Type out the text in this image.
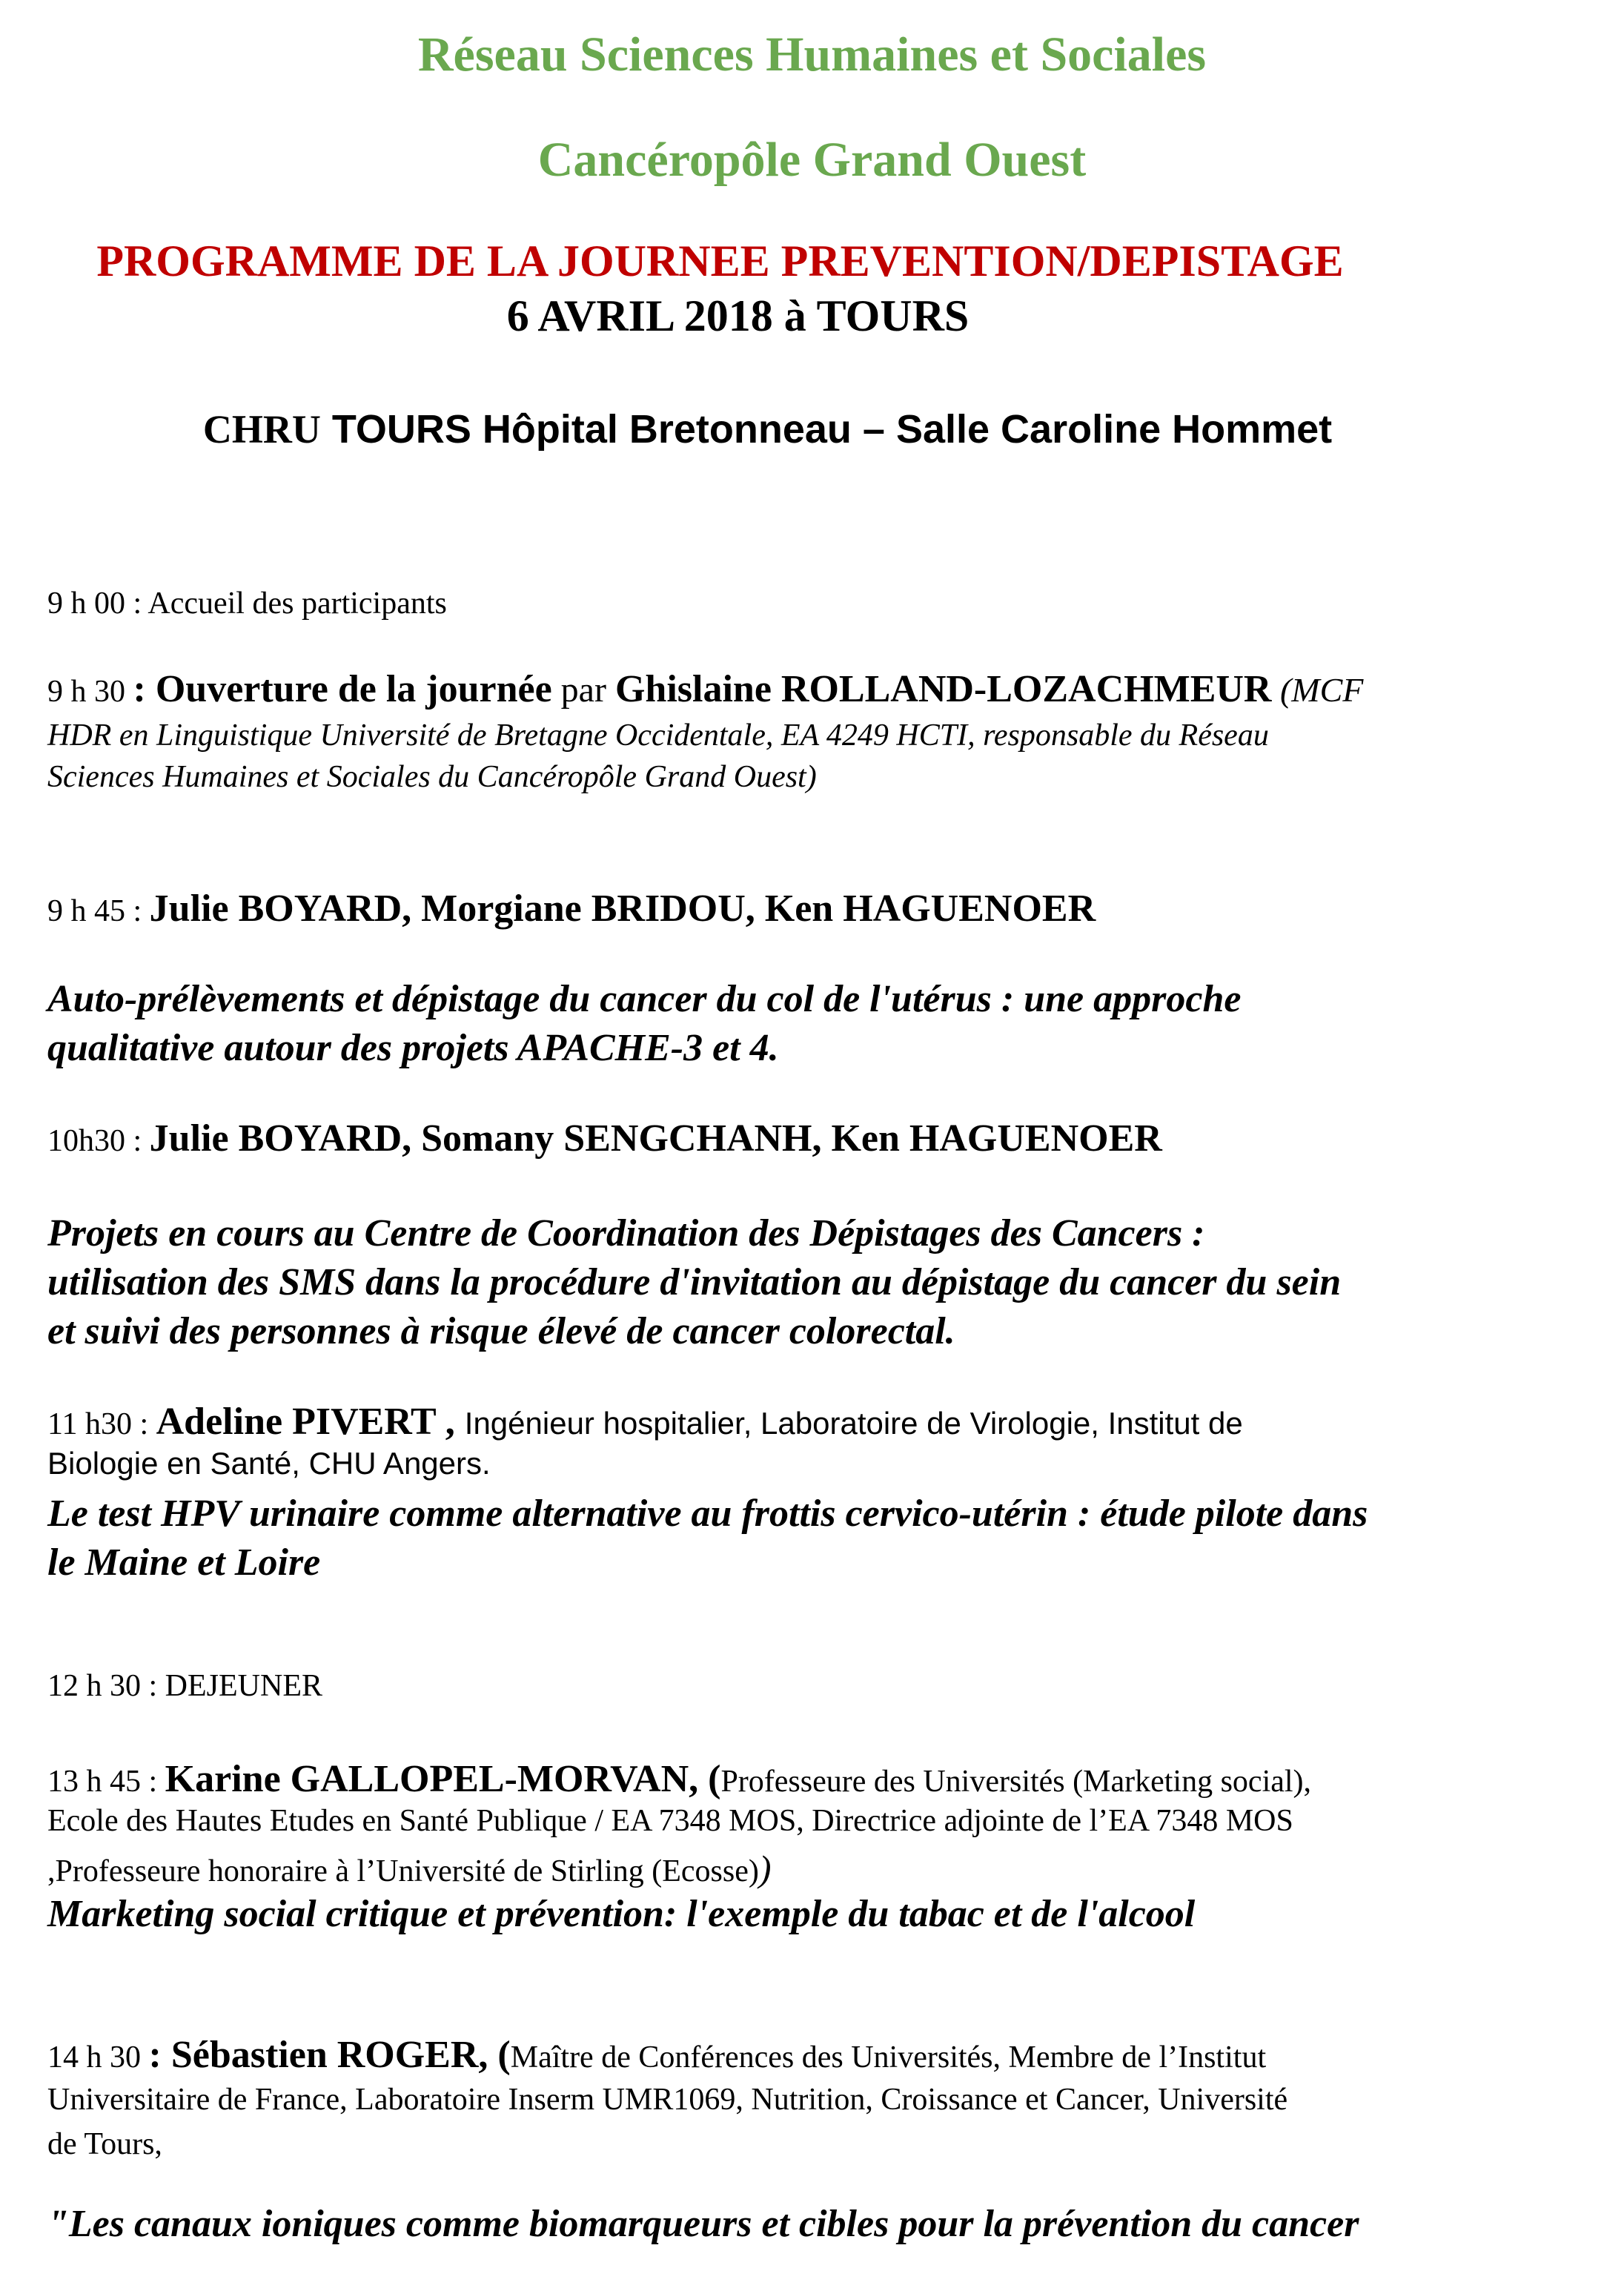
Réseau Sciences Humaines et Sociales
Cancéropôle Grand Ouest
PROGRAMME DE LA JOURNEE PREVENTION/DEPISTAGE
6 AVRIL 2018 à TOURS
CHRU TOURS Hôpital Bretonneau – Salle Caroline Hommet
9 h 00 : Accueil des participants
9 h 30 : Ouverture de la journée par Ghislaine ROLLAND-LOZACHMEUR (MCF
HDR en Linguistique Université de Bretagne Occidentale, EA 4249 HCTI, responsable du Réseau
Sciences Humaines et Sociales du Cancéropôle Grand Ouest)
9 h 45 : Julie BOYARD, Morgiane BRIDOU, Ken HAGUENOER
Auto-prélèvements et dépistage du cancer du col de l'utérus : une approche
qualitative autour des projets APACHE-3 et 4.
10h30 : Julie BOYARD, Somany SENGCHANH, Ken HAGUENOER
Projets en cours au Centre de Coordination des Dépistages des Cancers :
utilisation des SMS dans la procédure d'invitation au dépistage du cancer du sein
et suivi des personnes à risque élevé de cancer colorectal.
11 h30 : Adeline PIVERT , Ingénieur hospitalier, Laboratoire de Virologie, Institut de
Biologie en Santé, CHU Angers.
Le test HPV urinaire comme alternative au frottis cervico-utérin : étude pilote dans
le Maine et Loire
12 h 30 : DEJEUNER
13 h 45 : Karine GALLOPEL-MORVAN, (Professeure des Universités (Marketing social),
Ecole des Hautes Etudes en Santé Publique / EA 7348 MOS, Directrice adjointe de l’EA 7348 MOS
,Professeure honoraire à l’Université de Stirling (Ecosse))
Marketing social critique et prévention: l'exemple du tabac et de l'alcool
14 h 30 : Sébastien ROGER, (Maître de Conférences des Universités, Membre de l’Institut
Universitaire de France, Laboratoire Inserm UMR1069, Nutrition, Croissance et Cancer, Université
de Tours,
"Les canaux ioniques comme biomarqueurs et cibles pour la prévention du cancer
